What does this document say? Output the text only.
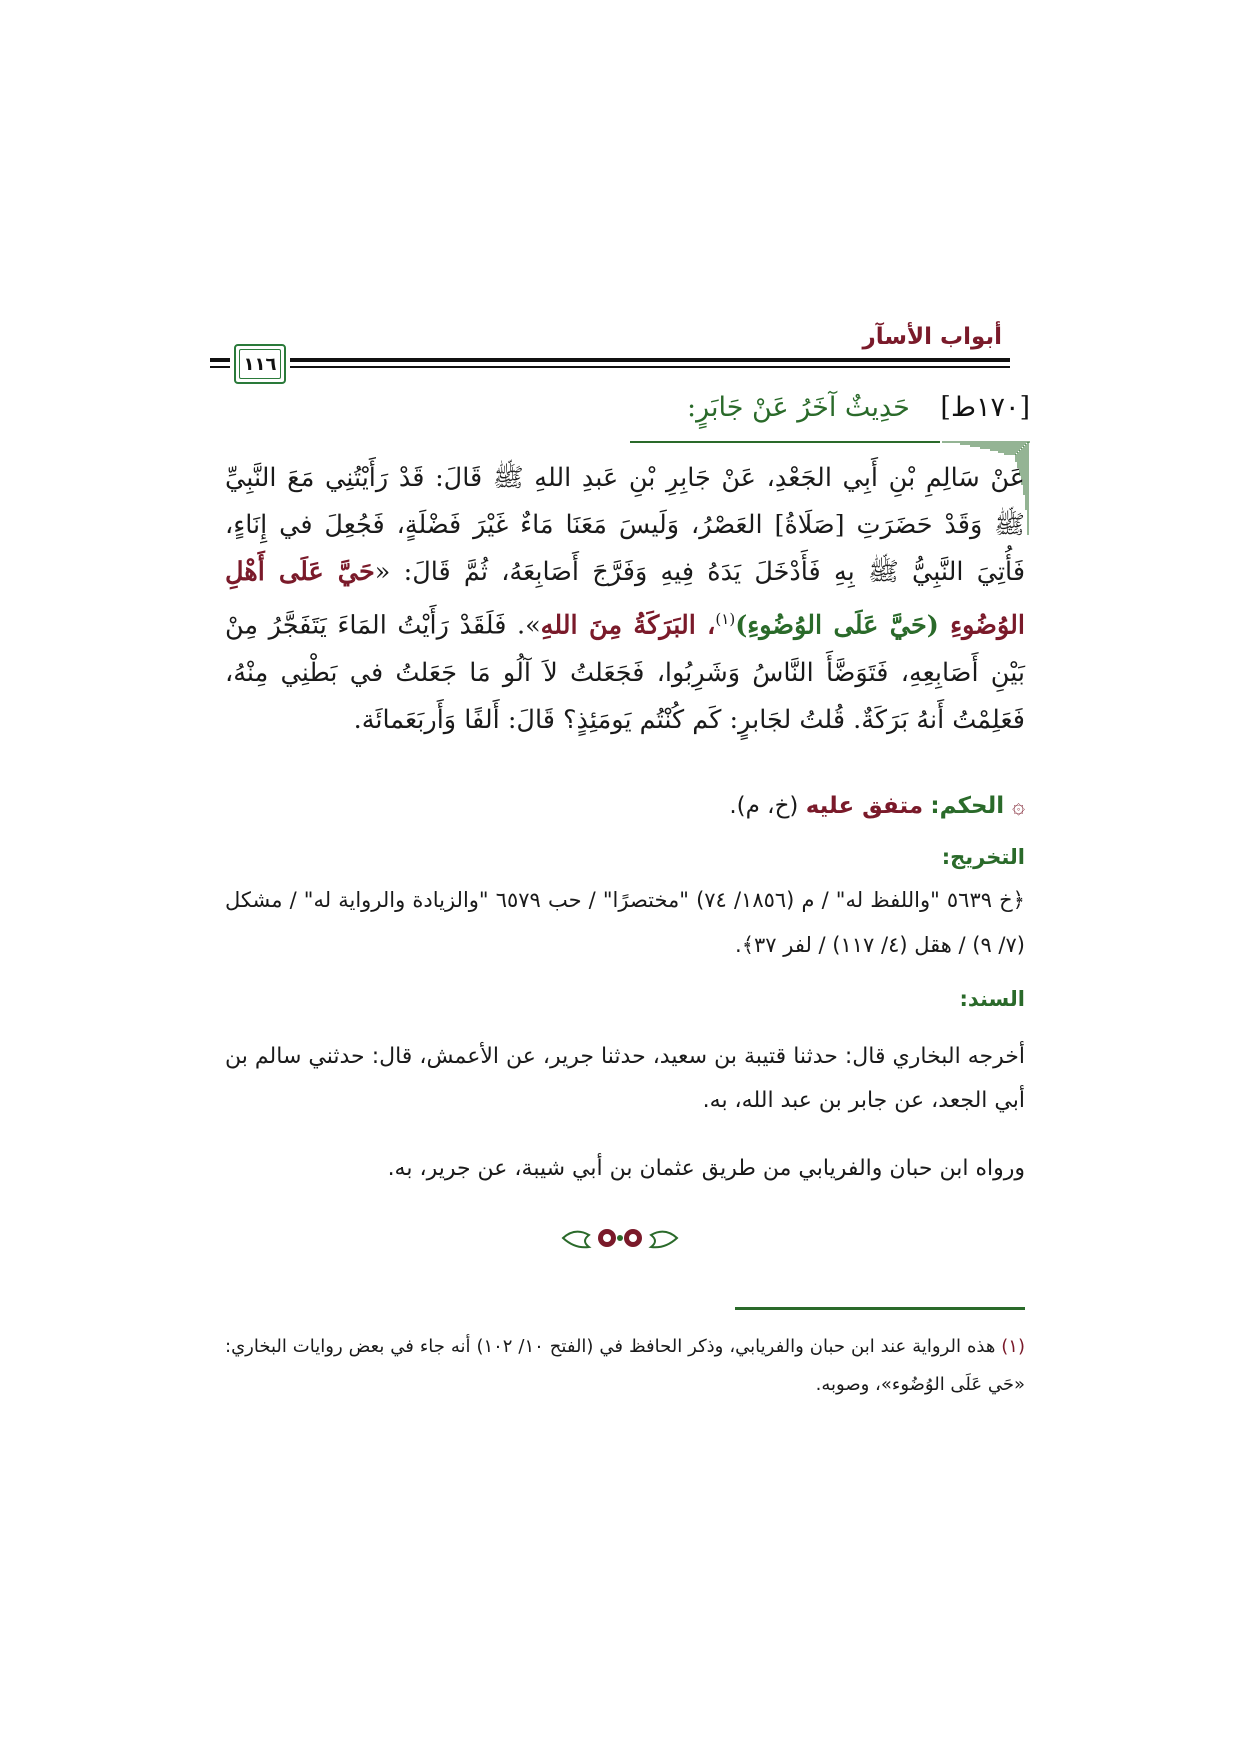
أبواب الأسآر
١١٦
[١٧٠ط] حَدِيثٌ آخَرُ عَنْ جَابَرٍ:
عَنْ سَالِمِ بْنِ أَبِي الجَعْدِ، عَنْ جَابِرِ بْنِ عَبدِ اللهِ ﷺ قَالَ: قَدْ رَأَيْتُنِي مَعَ النَّبِيِّ ﷺ وَقَدْ حَضَرَتِ [صَلَاةُ] العَصْرُ، وَلَيسَ مَعَنَا مَاءٌ غَيْرَ فَضْلَةٍ، فَجُعِلَ في إِنَاءٍ، فَأُتِيَ النَّبِيُّ ﷺ بِهِ فَأَدْخَلَ يَدَهُ فِيهِ وَفَرَّجَ أَصَابِعَهُ، ثُمَّ قَالَ: «حَيَّ عَلَى أَهْلِ الوُضُوءِ (حَيَّ عَلَى الوُضُوءِ)$^{(١)}$، البَرَكَةُ مِنَ اللهِ». فَلَقَدْ رَأَيْتُ المَاءَ يَتَفَجَّرُ مِنْ بَيْنِ أَصَابِعِهِ، فَتَوَضَّأَ النَّاسُ وَشَرِبُوا، فَجَعَلتُ لاَ آلُو مَا جَعَلتُ في بَطْنِي مِنْهُ، فَعَلِمْتُ أَنهُ بَرَكَةٌ. قُلتُ لجَابرٍ: كَم كُنْتُم يَومَئِذٍ؟ قَالَ: أَلفًا وَأَربَعَمائَة.
۞الحكم: متفق عليه (خ، م).
التخريج:
﴿خ ٥٦٣٩ "واللفظ له" / م (١٨٥٦/ ٧٤) "مختصرًا" / حب ٦٥٧٩ "والزيادة والرواية له" / مشكل (٧/ ٩) / هقل (٤/ ١١٧) / لفر ٣٧﴾.
السند:
أخرجه البخاري قال: حدثنا قتيبة بن سعيد، حدثنا جرير، عن الأعمش، قال: حدثني سالم بن أبي الجعد، عن جابر بن عبد الله، به.
ورواه ابن حبان والفريابي من طريق عثمان بن أبي شيبة، عن جرير، به.
(١) هذه الرواية عند ابن حبان والفريابي، وذكر الحافظ في (الفتح ١٠/ ١٠٢) أنه جاء في بعض روايات البخاري: «حَي عَلَى الوُضُوء»، وصوبه.
